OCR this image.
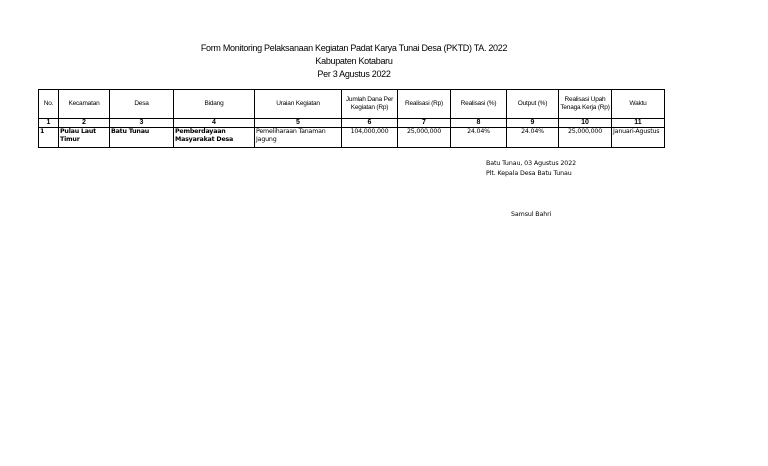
Form Monitoring Pelaksanaan Kegiatan Padat Karya Tunai Desa (PKTD) TA. 2022
Kabupaten Kotabaru
Per 3 Agustus 2022
No.	Kecamatan	Desa	Bidang	Uraian Kegiatan	Jumlah Dana Per Kegiatan (Rp)	Realisasi (Rp)	Realisasi (%)	Output (%)	Realisasi Upah Tenaga Kerja (Rp)	Waktu
1	2	3	4	5	6	7	8	9	10	11
1	Pulau Laut Timur	Batu Tunau	Pemberdayaan Masyarakat Desa	Pemeliharaan Tanaman Jagung	104,000,000	25,000,000	24.04%	24.04%	25,000,000	Januari-Agustus
Batu Tunau, 03 Agustus 2022
Plt. Kepala Desa Batu Tunau
Samsul Bahri
